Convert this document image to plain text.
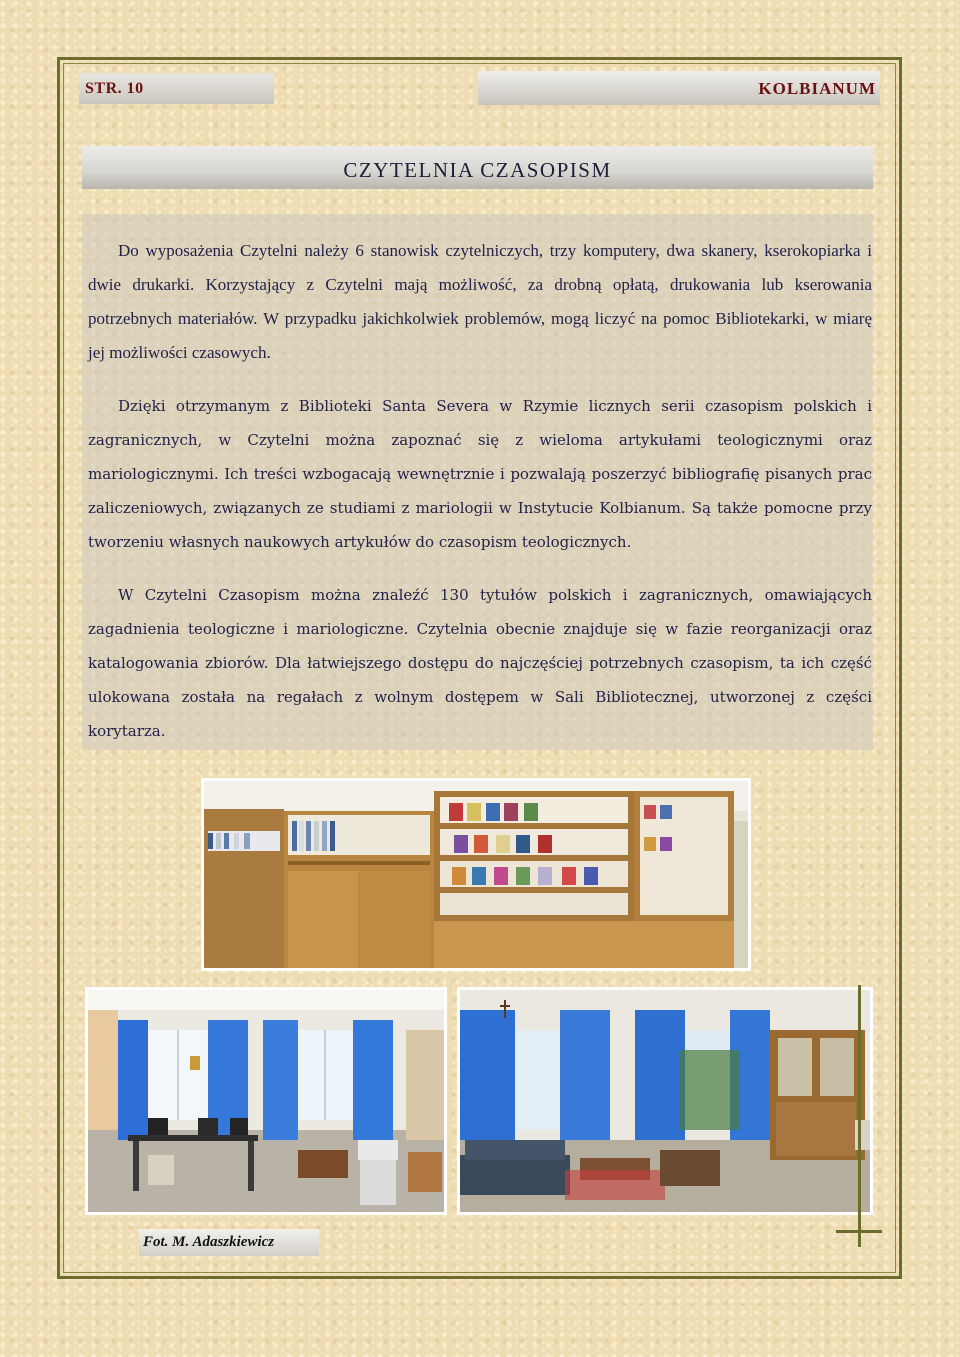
STR. 10	KOLBIANUM
CZYTELNIA CZASOPISM

Do wyposażenia Czytelni należy 6 stanowisk czytelniczych, trzy komputery, dwa skanery, kserokopiarka i dwie drukarki. Korzystający z Czytelni mają możliwość, za drobną opłatą, drukowania lub kserowania potrzebnych materiałów. W przypadku jakichkolwiek problemów, mogą liczyć na pomoc Bibliotekarki, w miarę jej możliwości czasowych.

Dzięki otrzymanym z Biblioteki Santa Severa w Rzymie licznych serii czasopism polskich i zagranicznych, w Czytelni można zapoznać się z wieloma artykułami teologicznymi oraz mariologicznymi. Ich treści wzbogacają wewnętrznie i pozwalają poszerzyć bibliografię pisanych prac zaliczeniowych, związanych ze studiami z mariologii w Instytucie Kolbianum. Są także pomocne przy tworzeniu własnych naukowych artykułów do czasopism teologicznych.

W Czytelni Czasopism można znaleźć 130 tytułów polskich i zagranicznych, omawiających zagadnienia teologiczne i mariologiczne. Czytelnia obecnie znajduje się w fazie reorganizacji oraz katalogowania zbiorów. Dla łatwiejszego dostępu do najczęściej potrzebnych czasopism, ta ich część ulokowana została na regałach z wolnym dostępem w Sali Bibliotecznej, utworzonej z części korytarza.

Fot. M. Adaszkiewicz
